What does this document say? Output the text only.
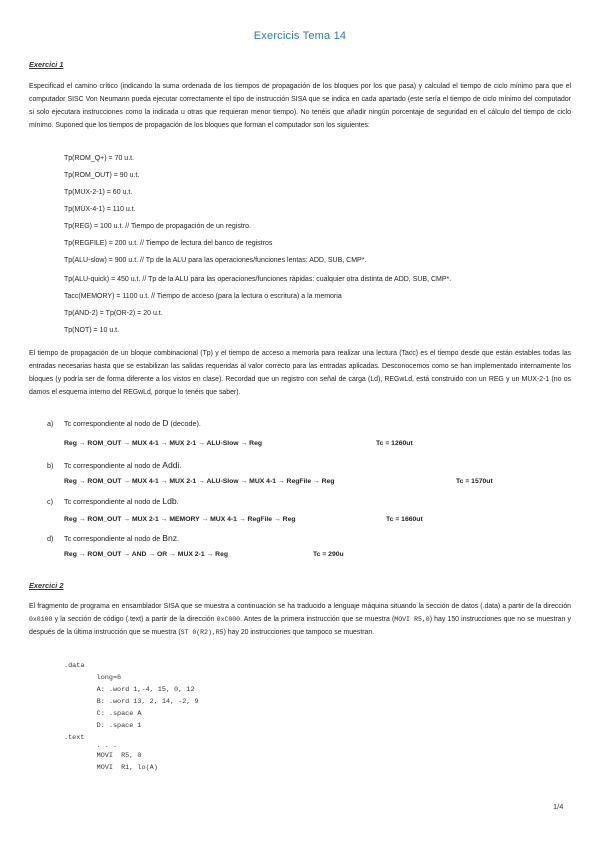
Exercicis Tema 14
Exercici 1
Especificad el camino crítico (indicando la suma ordenada de los tiempos de propagación de los bloques por los que pasa) y calculad el tiempo de ciclo mínimo para que el computador SISC Von Neumann pueda ejecutar correctamente el tipo de instrucción SISA que se indica en cada apartado (este sería el tiempo de ciclo mínimo del computador si solo ejecutara instrucciones como la indicada u otras que requieran menor tiempo). No tenéis que añadir ningún porcentaje de seguridad en el cálculo del tiempo de ciclo mínimo. Suponed que los tiempos de propagación de los bloques que forman el computador son los siguientes:
Tp(ROM_Q+) = 70 u.t.
Tp(ROM_OUT) = 90 u.t.
Tp(MUX-2-1) = 60 u.t.
Tp(MUX-4-1) = 110 u.t.
Tp(REG) = 100 u.t. // Tiempo de propagación de un registro.
Tp(REGFILE) = 200 u.t. // Tiempo de lectura del banco de registros
Tp(ALU-slow) = 900 u.t. // Tp de la ALU para las operaciones/funciones lentas: ADD, SUB, CMP*.
Tp(ALU-quick) = 450 u.t. // Tp de la ALU para las operaciones/funciones rápidas: cualquier otra distinta de ADD, SUB, CMP*.
Tacc(MEMORY) = 1100 u.t. // Tiempo de acceso (para la lectura o escritura) a la memoria
Tp(AND-2) = Tp(OR-2) = 20 u.t.
Tp(NOT) = 10 u.t.
El tiempo de propagación de un bloque combinacional (Tp) y el tiempo de acceso a memoria para realizar una lectura (Tacc) es el tiempo desde que están estables todas las entradas necesarias hasta que se estabilizan las salidas requeridas al valor correcto para las entradas aplicadas. Desconocemos como se han implementado internamente los bloques (y podría ser de forma diferente a los vistos en clase). Recordad que un registro con señal de carga (Ld), REGwLd, está construido con un REG y un MUX-2-1 (no os damos el esquema interno del REGwLd, porque lo tenéis que saber).
a) Tc correspondiente al nodo de D (decode).
Reg → ROM_OUT → MUX 4-1 → MUX 2-1 → ALU-Slow → Reg	Tc = 1260ut
b) Tc correspondiente al nodo de Addi.
Reg → ROM_OUT → MUX 4-1 → MUX 2-1 → ALU-Slow → MUX 4-1 → RegFile → Reg	Tc = 1570ut
c) Tc correspondiente al nodo de Ldb.
Reg → ROM_OUT → MUX 2-1 → MEMORY → MUX 4-1 → RegFile → Reg	Tc = 1660ut
d) Tc correspondiente al nodo de Bnz.
Reg → ROM_OUT → AND → OR → MUX 2-1 → Reg	Tc = 290u
Exercici 2
El fragmento de programa en ensamblador SISA que se muestra a continuación se ha traducido a lenguaje máquina situando la sección de datos (.data) a partir de la dirección 0x0100 y la sección de código (.text) a partir de la dirección 0xC000. Antes de la primera instrucción que se muestra (MOVI R5,0) hay 150 instrucciones que no se muestran y después de la última instrucción que se muestra (ST 0(R2),R5) hay 20 instrucciones que tampoco se muestran.
.data
long=6
A: .word 1,-4, 15, 0, 12
B: .word 13, 2, 14, -2, 9
C: .space A
D: .space 1
.text
. . .
MOVI  R5, 0
MOVI  R1, lo(A)
1/4
